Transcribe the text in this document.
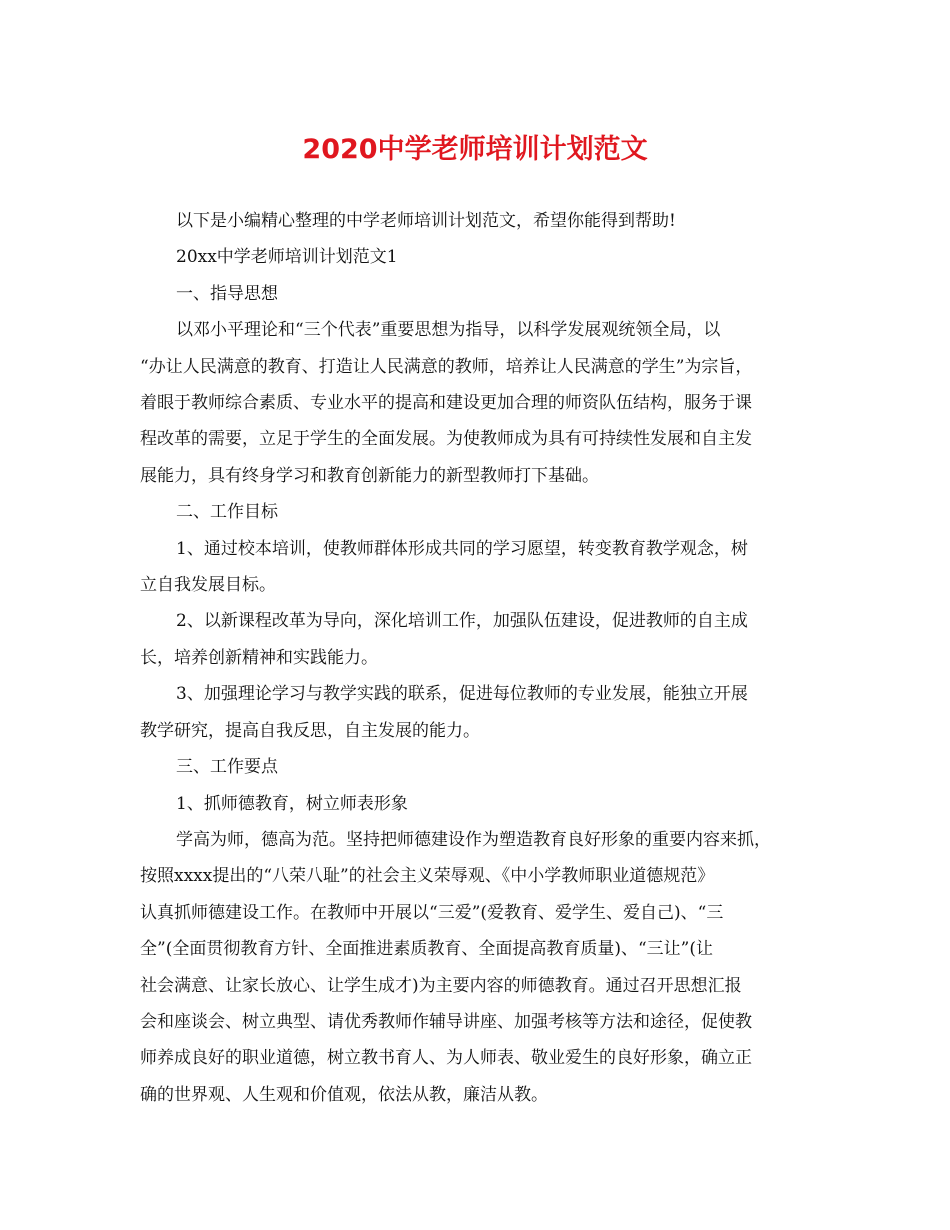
2020中学老师培训计划范文
以下是小编精心整理的中学老师培训计划范文，希望你能得到帮助!
20xx中学老师培训计划范文1
一、指导思想
以邓小平理论和“三个代表”重要思想为指导，以科学发展观统领全局，以
“办让人民满意的教育、打造让人民满意的教师，培养让人民满意的学生”为宗旨，
着眼于教师综合素质、专业水平的提高和建设更加合理的师资队伍结构，服务于课
程改革的需要，立足于学生的全面发展。为使教师成为具有可持续性发展和自主发
展能力，具有终身学习和教育创新能力的新型教师打下基础。
二、工作目标
1、通过校本培训，使教师群体形成共同的学习愿望，转变教育教学观念，树
立自我发展目标。
2、以新课程改革为导向，深化培训工作，加强队伍建设，促进教师的自主成
长，培养创新精神和实践能力。
3、加强理论学习与教学实践的联系，促进每位教师的专业发展，能独立开展
教学研究，提高自我反思，自主发展的能力。
三、工作要点
1、抓师德教育，树立师表形象
学高为师，德高为范。坚持把师德建设作为塑造教育良好形象的重要内容来抓，
按照xxxx提出的“八荣八耻”的社会主义荣辱观、《中小学教师职业道德规范》
认真抓师德建设工作。在教师中开展以“三爱”(爱教育、爱学生、爱自己)、“三
全”(全面贯彻教育方针、全面推进素质教育、全面提高教育质量)、“三让”(让
社会满意、让家长放心、让学生成才)为主要内容的师德教育。通过召开思想汇报
会和座谈会、树立典型、请优秀教师作辅导讲座、加强考核等方法和途径，促使教
师养成良好的职业道德，树立教书育人、为人师表、敬业爱生的良好形象，确立正
确的世界观、人生观和价值观，依法从教，廉洁从教。
